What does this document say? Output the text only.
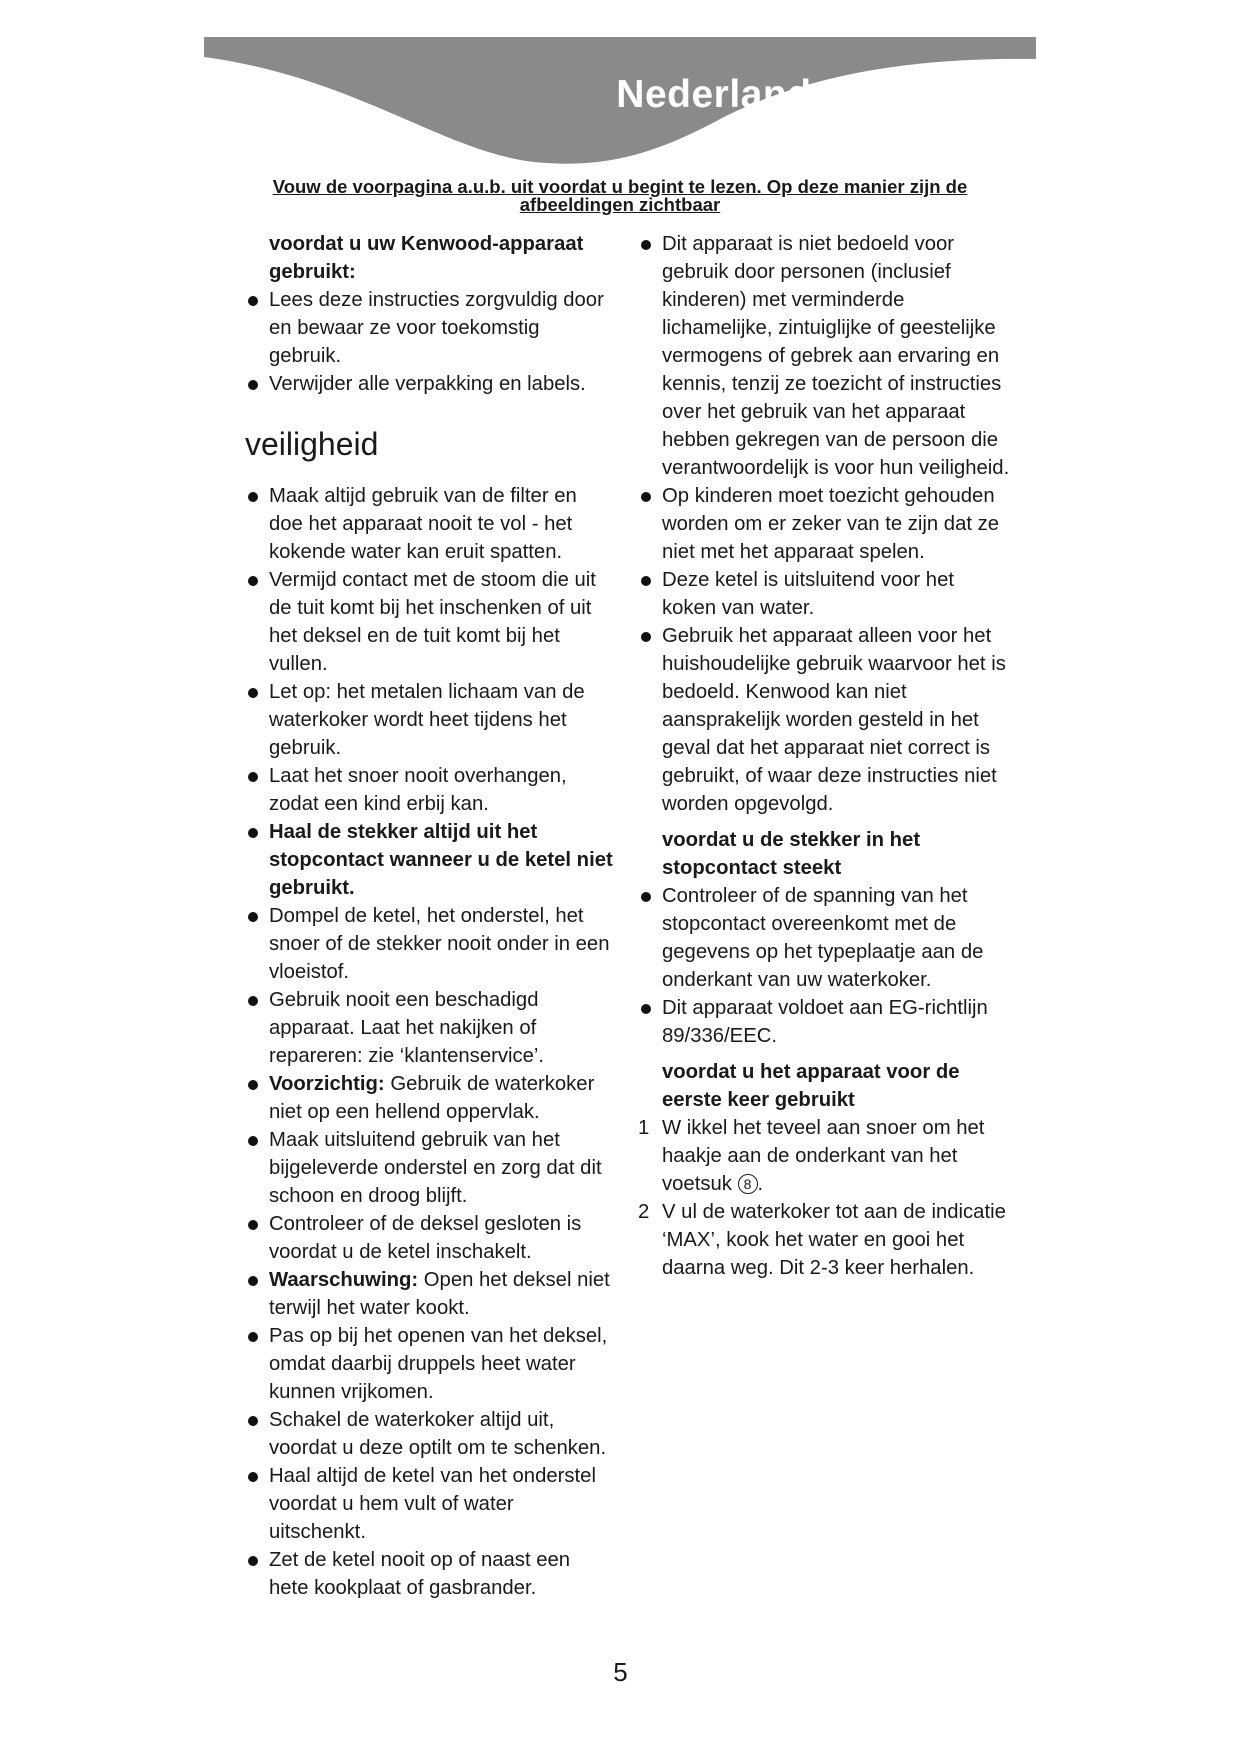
Nederlands
Vouw de voorpagina a.u.b. uit voordat u begint te lezen. Op deze manier zijn de afbeeldingen zichtbaar
voordat u uw Kenwood-apparaat gebruikt:
Lees deze instructies zorgvuldig door en bewaar ze voor toekomstig gebruik.
Verwijder alle verpakking en labels.
veiligheid
Maak altijd gebruik van de filter en doe het apparaat nooit te vol - het kokende water kan eruit spatten.
Vermijd contact met de stoom die uit de tuit komt bij het inschenken of uit het deksel en de tuit komt bij het vullen.
Let op: het metalen lichaam van de waterkoker wordt heet tijdens het gebruik.
Laat het snoer nooit overhangen, zodat een kind erbij kan.
Haal de stekker altijd uit het stopcontact wanneer u de ketel niet gebruikt.
Dompel de ketel, het onderstel, het snoer of de stekker nooit onder in een vloeistof.
Gebruik nooit een beschadigd apparaat. Laat het nakijken of repareren: zie ‘klantenservice’.
Voorzichtig: Gebruik de waterkoker niet op een hellend oppervlak.
Maak uitsluitend gebruik van het bijgeleverde onderstel en zorg dat dit schoon en droog blijft.
Controleer of de deksel gesloten is voordat u de ketel inschakelt.
Waarschuwing: Open het deksel niet terwijl het water kookt.
Pas op bij het openen van het deksel, omdat daarbij druppels heet water kunnen vrijkomen.
Schakel de waterkoker altijd uit, voordat u deze optilt om te schenken.
Haal altijd de ketel van het onderstel voordat u hem vult of water uitschenkt.
Zet de ketel nooit op of naast een hete kookplaat of gasbrander.
Dit apparaat is niet bedoeld voor gebruik door personen (inclusief kinderen) met verminderde lichamelijke, zintuiglijke of geestelijke vermogens of gebrek aan ervaring en kennis, tenzij ze toezicht of instructies over het gebruik van het apparaat hebben gekregen van de persoon die verantwoordelijk is voor hun veiligheid.
Op kinderen moet toezicht gehouden worden om er zeker van te zijn dat ze niet met het apparaat spelen.
Deze ketel is uitsluitend voor het koken van water.
Gebruik het apparaat alleen voor het huishoudelijke gebruik waarvoor het is bedoeld. Kenwood kan niet aansprakelijk worden gesteld in het geval dat het apparaat niet correct is gebruikt, of waar deze instructies niet worden opgevolgd.
voordat u de stekker in het stopcontact steekt
Controleer of de spanning van het stopcontact overeenkomt met de gegevens op het typeplaatje aan de onderkant van uw waterkoker.
Dit apparaat voldoet aan EG-richtlijn 89/336/EEC.
voordat u het apparaat voor de eerste keer gebruikt
1 W ikkel het teveel aan snoer om het haakje aan de onderkant van het voetsuk 8 .
2 V ul de waterkoker tot aan de indicatie ‘MAX’, kook het water en gooi het daarna weg. Dit 2-3 keer herhalen.
5
